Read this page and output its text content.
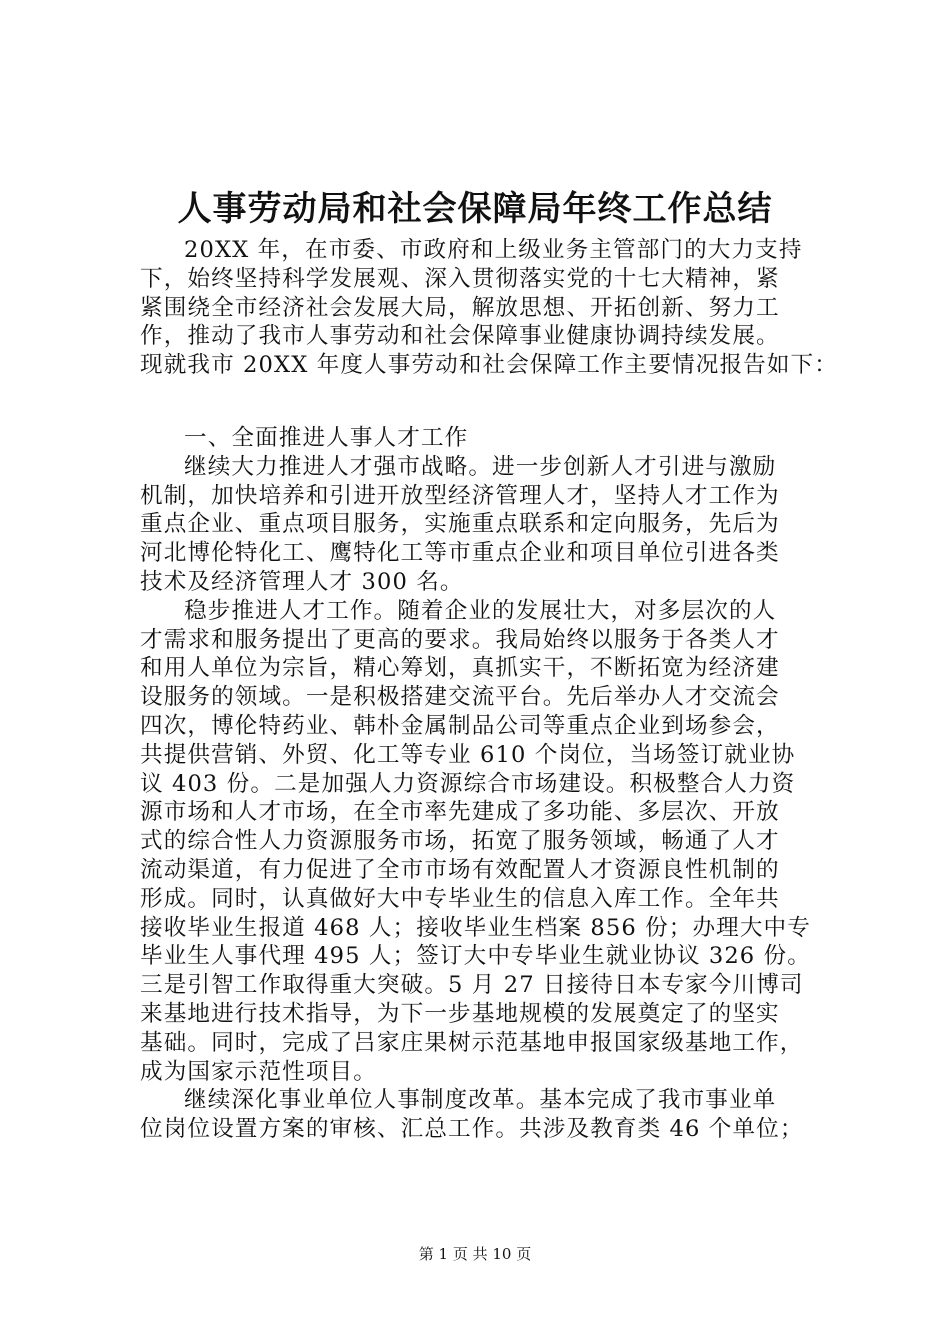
人事劳动局和社会保障局年终工作总结
20XX 年，在市委、市政府和上级业务主管部门的大力支持
下，始终坚持科学发展观、深入贯彻落实党的十七大精神，紧
紧围绕全市经济社会发展大局，解放思想、开拓创新、努力工
作，推动了我市人事劳动和社会保障事业健康协调持续发展。
现就我市 20XX 年度人事劳动和社会保障工作主要情况报告如下：
一、全面推进人事人才工作
继续大力推进人才强市战略。进一步创新人才引进与激励
机制，加快培养和引进开放型经济管理人才，坚持人才工作为
重点企业、重点项目服务，实施重点联系和定向服务，先后为
河北博伦特化工、鹰特化工等市重点企业和项目单位引进各类
技术及经济管理人才 300 名。
稳步推进人才工作。随着企业的发展壮大，对多层次的人
才需求和服务提出了更高的要求。我局始终以服务于各类人才
和用人单位为宗旨，精心筹划，真抓实干，不断拓宽为经济建
设服务的领域。一是积极搭建交流平台。先后举办人才交流会
四次，博伦特药业、韩朴金属制品公司等重点企业到场参会，
共提供营销、外贸、化工等专业 610 个岗位，当场签订就业协
议 403 份。二是加强人力资源综合市场建设。积极整合人力资
源市场和人才市场，在全市率先建成了多功能、多层次、开放
式的综合性人力资源服务市场，拓宽了服务领域，畅通了人才
流动渠道，有力促进了全市市场有效配置人才资源良性机制的
形成。同时，认真做好大中专毕业生的信息入库工作。全年共
接收毕业生报道 468 人；接收毕业生档案 856 份；办理大中专
毕业生人事代理 495 人；签订大中专毕业生就业协议 326 份。
三是引智工作取得重大突破。5 月 27 日接待日本专家今川博司
来基地进行技术指导，为下一步基地规模的发展奠定了的坚实
基础。同时，完成了吕家庄果树示范基地申报国家级基地工作，
成为国家示范性项目。
继续深化事业单位人事制度改革。基本完成了我市事业单
位岗位设置方案的审核、汇总工作。共涉及教育类 46 个单位；
第 1 页 共 10 页
